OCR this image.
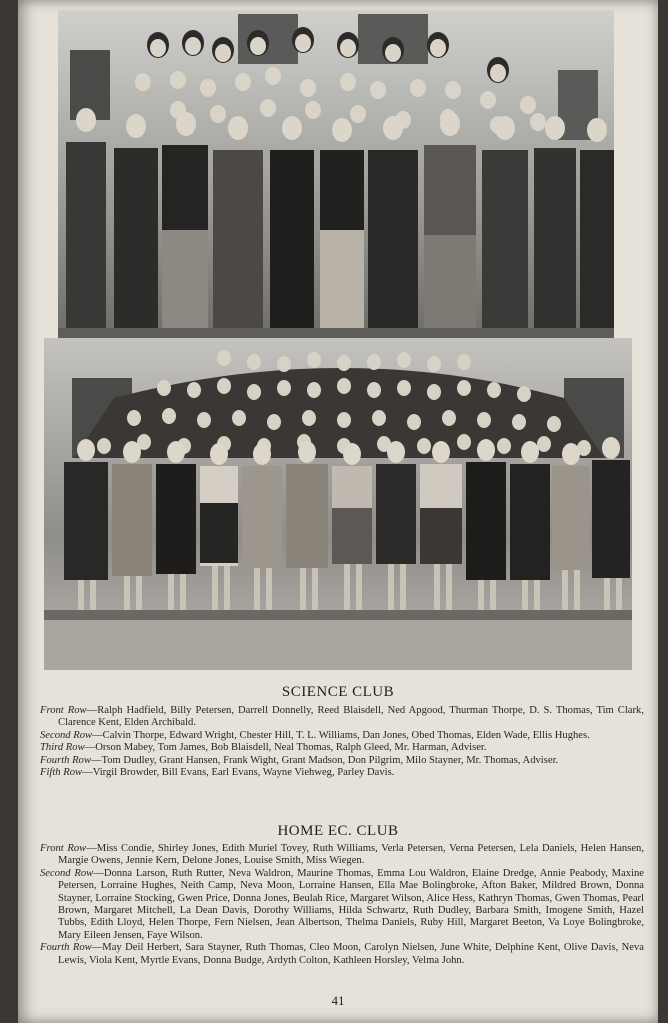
SCIENCE CLUB

Front Row—Ralph Hadfield, Billy Petersen, Darrell Donnelly, Reed Blaisdell, Ned Apgood, Thurman Thorpe, D. S. Thomas, Tim Clark, Clarence Kent, Elden Archibald.

Second Row—Calvin Thorpe, Edward Wright, Chester Hill, T. L. Williams, Dan Jones, Obed Thomas, Elden Wade, Ellis Hughes.

Third Row—Orson Mabey, Tom James, Bob Blaisdell, Neal Thomas, Ralph Gleed, Mr. Harman, Adviser.

Fourth Row—Tom Dudley, Grant Hansen, Frank Wight, Grant Madson, Don Pilgrim, Milo Stayner, Mr. Thomas, Adviser.

Fifth Row—Virgil Browder, Bill Evans, Earl Evans, Wayne Viehweg, Parley Davis.

HOME EC. CLUB

Front Row—Miss Condie, Shirley Jones, Edith Muriel Tovey, Ruth Williams, Verla Petersen, Verna Petersen, Lela Daniels, Helen Hansen, Margie Owens, Jennie Kern, Delone Jones, Louise Smith, Miss Wiegen.

Second Row—Donna Larson, Ruth Rutter, Neva Waldron, Maurine Thomas, Emma Lou Waldron, Elaine Dredge, Annie Peabody, Maxine Petersen, Lorraine Hughes, Neith Camp, Neva Moon, Lorraine Hansen, Ella Mae Bolingbroke, Afton Baker, Mildred Brown, Donna Stayner, Lorraine Stocking, Gwen Price, Donna Jones, Beulah Rice, Margaret Wilson, Alice Hess, Kathryn Thomas, Gwen Thomas, Pearl Brown, Margaret Mitchell, La Dean Davis, Dorothy Williams, Hilda Schwartz, Ruth Dudley, Barbara Smith, Imogene Smith, Hazel Tubbs, Edith Lloyd, Helen Thorpe, Fern Nielsen, Jean Albertson, Thelma Daniels, Ruby Hill, Margaret Beeton, Va Loye Bolingbroke, Mary Eileen Jensen, Faye Wilson.

Fourth Row—May Deil Herbert, Sara Stayner, Ruth Thomas, Cleo Moon, Carolyn Nielsen, June White, Delphine Kent, Olive Davis, Neva Lewis, Viola Kent, Myrtle Evans, Donna Budge, Ardyth Colton, Kathleen Horsley, Velma John.

41
